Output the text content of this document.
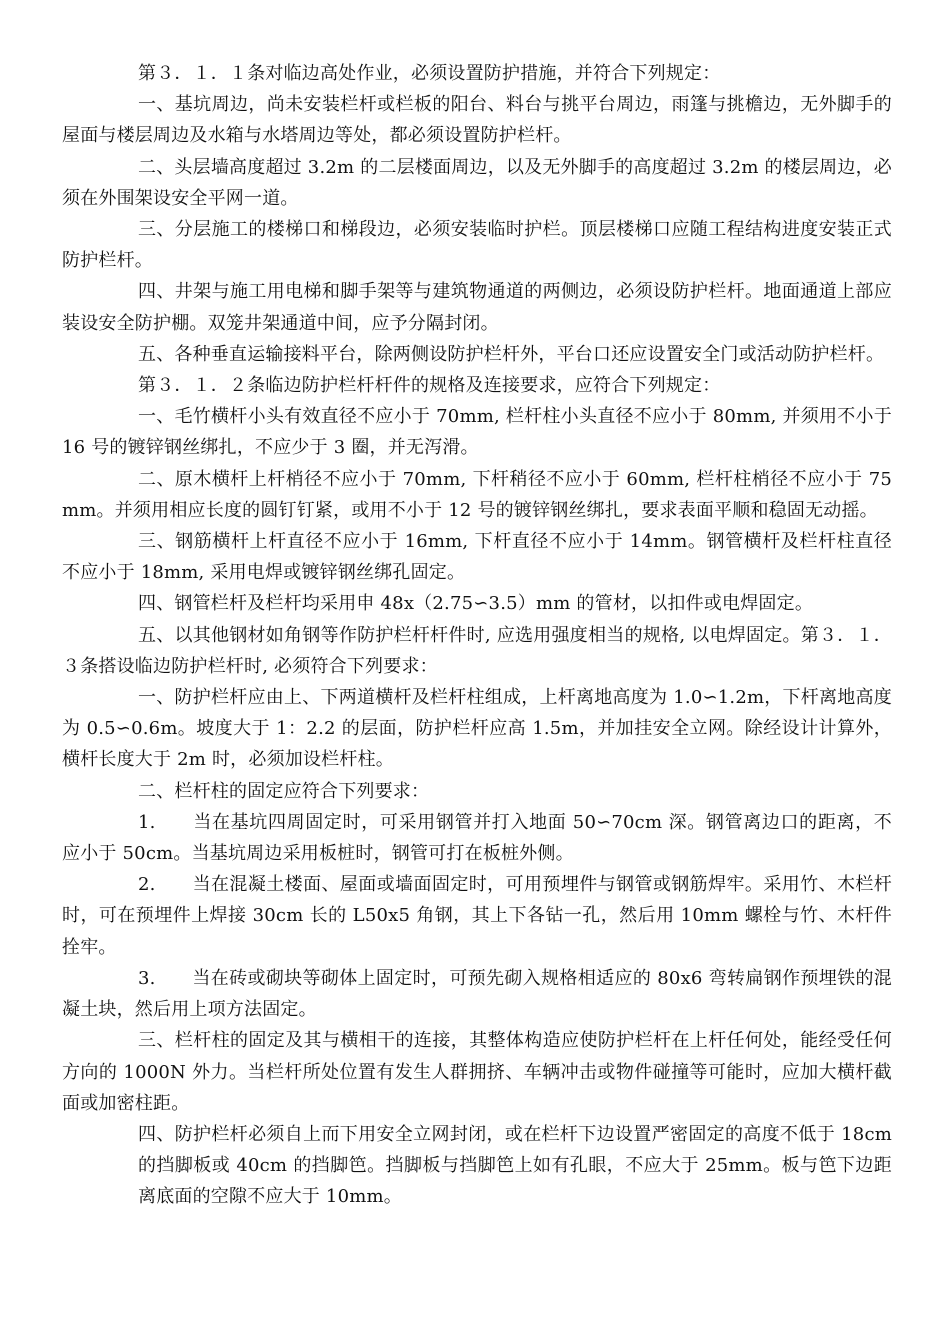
第３．１．１条对临边高处作业，必须设置防护措施，并符合下列规定：

一、基坑周边，尚未安装栏杆或栏板的阳台、料台与挑平台周边，雨篷与挑檐边，无外脚手的屋面与楼层周边及水箱与水塔周边等处，都必须设置防护栏杆。

二、头层墙高度超过 3.2m 的二层楼面周边，以及无外脚手的高度超过 3.2m 的楼层周边，必须在外围架设安全平网一道。

三、分层施工的楼梯口和梯段边，必须安装临时护栏。顶层楼梯口应随工程结构进度安装正式防护栏杆。

四、井架与施工用电梯和脚手架等与建筑物通道的两侧边，必须设防护栏杆。地面通道上部应装设安全防护棚。双笼井架通道中间，应予分隔封闭。

五、各种垂直运输接料平台，除两侧设防护栏杆外，平台口还应设置安全门或活动防护栏杆。

第３．１．２条临边防护栏杆杆件的规格及连接要求，应符合下列规定：

一、毛竹横杆小头有效直径不应小于 70mm, 栏杆柱小头直径不应小于 80mm, 并须用不小于 16 号的镀锌钢丝绑扎，不应少于 3 圈，并无泻滑。

二、原木横杆上杆梢径不应小于 70mm, 下杆稍径不应小于 60mm, 栏杆柱梢径不应小于 75mm。并须用相应长度的圆钉钉紧，或用不小于 12 号的镀锌钢丝绑扎，要求表面平顺和稳固无动摇。

三、钢筋横杆上杆直径不应小于 16mm, 下杆直径不应小于 14mm。钢管横杆及栏杆柱直径不应小于 18mm, 采用电焊或镀锌钢丝绑孔固定。

四、钢管栏杆及栏杆均采用申 48x（2.75∽3.5）mm 的管材，以扣件或电焊固定。

五、以其他钢材如角钢等作防护栏杆杆件时, 应选用强度相当的规格, 以电焊固定。第３．１．３条搭设临边防护栏杆时, 必须符合下列要求：

一、防护栏杆应由上、下两道横杆及栏杆柱组成，上杆离地高度为 1.0∽1.2m，下杆离地高度为 0.5∽0.6m。坡度大于 1：2.2 的层面，防护栏杆应高 1.5m，并加挂安全立网。除经设计计算外，横杆长度大于 2m 时，必须加设栏杆柱。

二、栏杆柱的固定应符合下列要求：

1.　　当在基坑四周固定时，可采用钢管并打入地面 50∽70cm 深。钢管离边口的距离，不应小于 50cm。当基坑周边采用板桩时，钢管可打在板桩外侧。

2.　　当在混凝土楼面、屋面或墙面固定时，可用预埋件与钢管或钢筋焊牢。采用竹、木栏杆时，可在预埋件上焊接 30cm 长的 L50x5 角钢，其上下各钻一孔，然后用 10mm 螺栓与竹、木杆件拴牢。

3.　　当在砖或砌块等砌体上固定时，可预先砌入规格相适应的 80x6 弯转扁钢作预埋铁的混凝土块，然后用上项方法固定。

三、栏杆柱的固定及其与横相干的连接，其整体构造应使防护栏杆在上杆任何处，能经受任何方向的 1000N 外力。当栏杆所处位置有发生人群拥挤、车辆冲击或物件碰撞等可能时，应加大横杆截面或加密柱距。

四、防护栏杆必须自上而下用安全立网封闭，或在栏杆下边设置严密固定的高度不低于 18cm 的挡脚板或 40cm 的挡脚笆。挡脚板与挡脚笆上如有孔眼，不应大于 25mm。板与笆下边距离底面的空隙不应大于 10mm。
